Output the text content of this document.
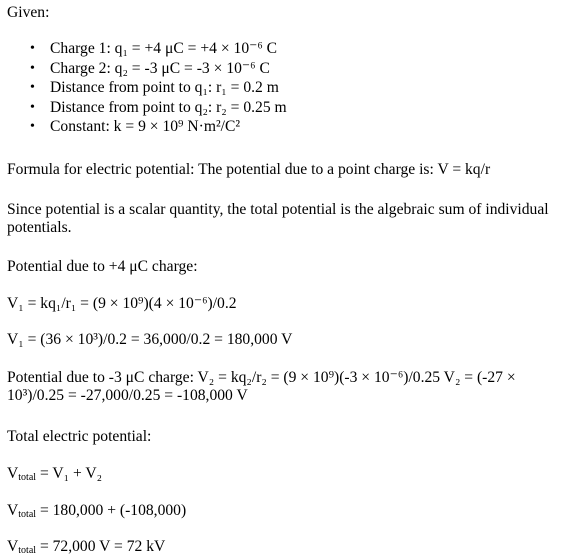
Given:
• Charge 1: q₁ = +4 μC = +4 × 10⁻⁶ C
• Charge 2: q₂ = -3 μC = -3 × 10⁻⁶ C
• Distance from point to q₁: r₁ = 0.2 m
• Distance from point to q₂: r₂ = 0.25 m
• Constant: k = 9 × 10⁹ N·m²/C²
Formula for electric potential: The potential due to a point charge is: V = kq/r
Since potential is a scalar quantity, the total potential is the algebraic sum of individual potentials.
Potential due to +4 μC charge:
V₁ = kq₁/r₁ = (9 × 10⁹)(4 × 10⁻⁶)/0.2
V₁ = (36 × 10³)/0.2 = 36,000/0.2 = 180,000 V
Potential due to -3 μC charge: V₂ = kq₂/r₂ = (9 × 10⁹)(-3 × 10⁻⁶)/0.25 V₂ = (-27 × 10³)/0.25 = -27,000/0.25 = -108,000 V
Total electric potential:
$V_{total} = V_1 + V_2$
$V_{total} = 180,000 + (-108,000)$
$V_{total} = 72,000$ V = 72 kV
